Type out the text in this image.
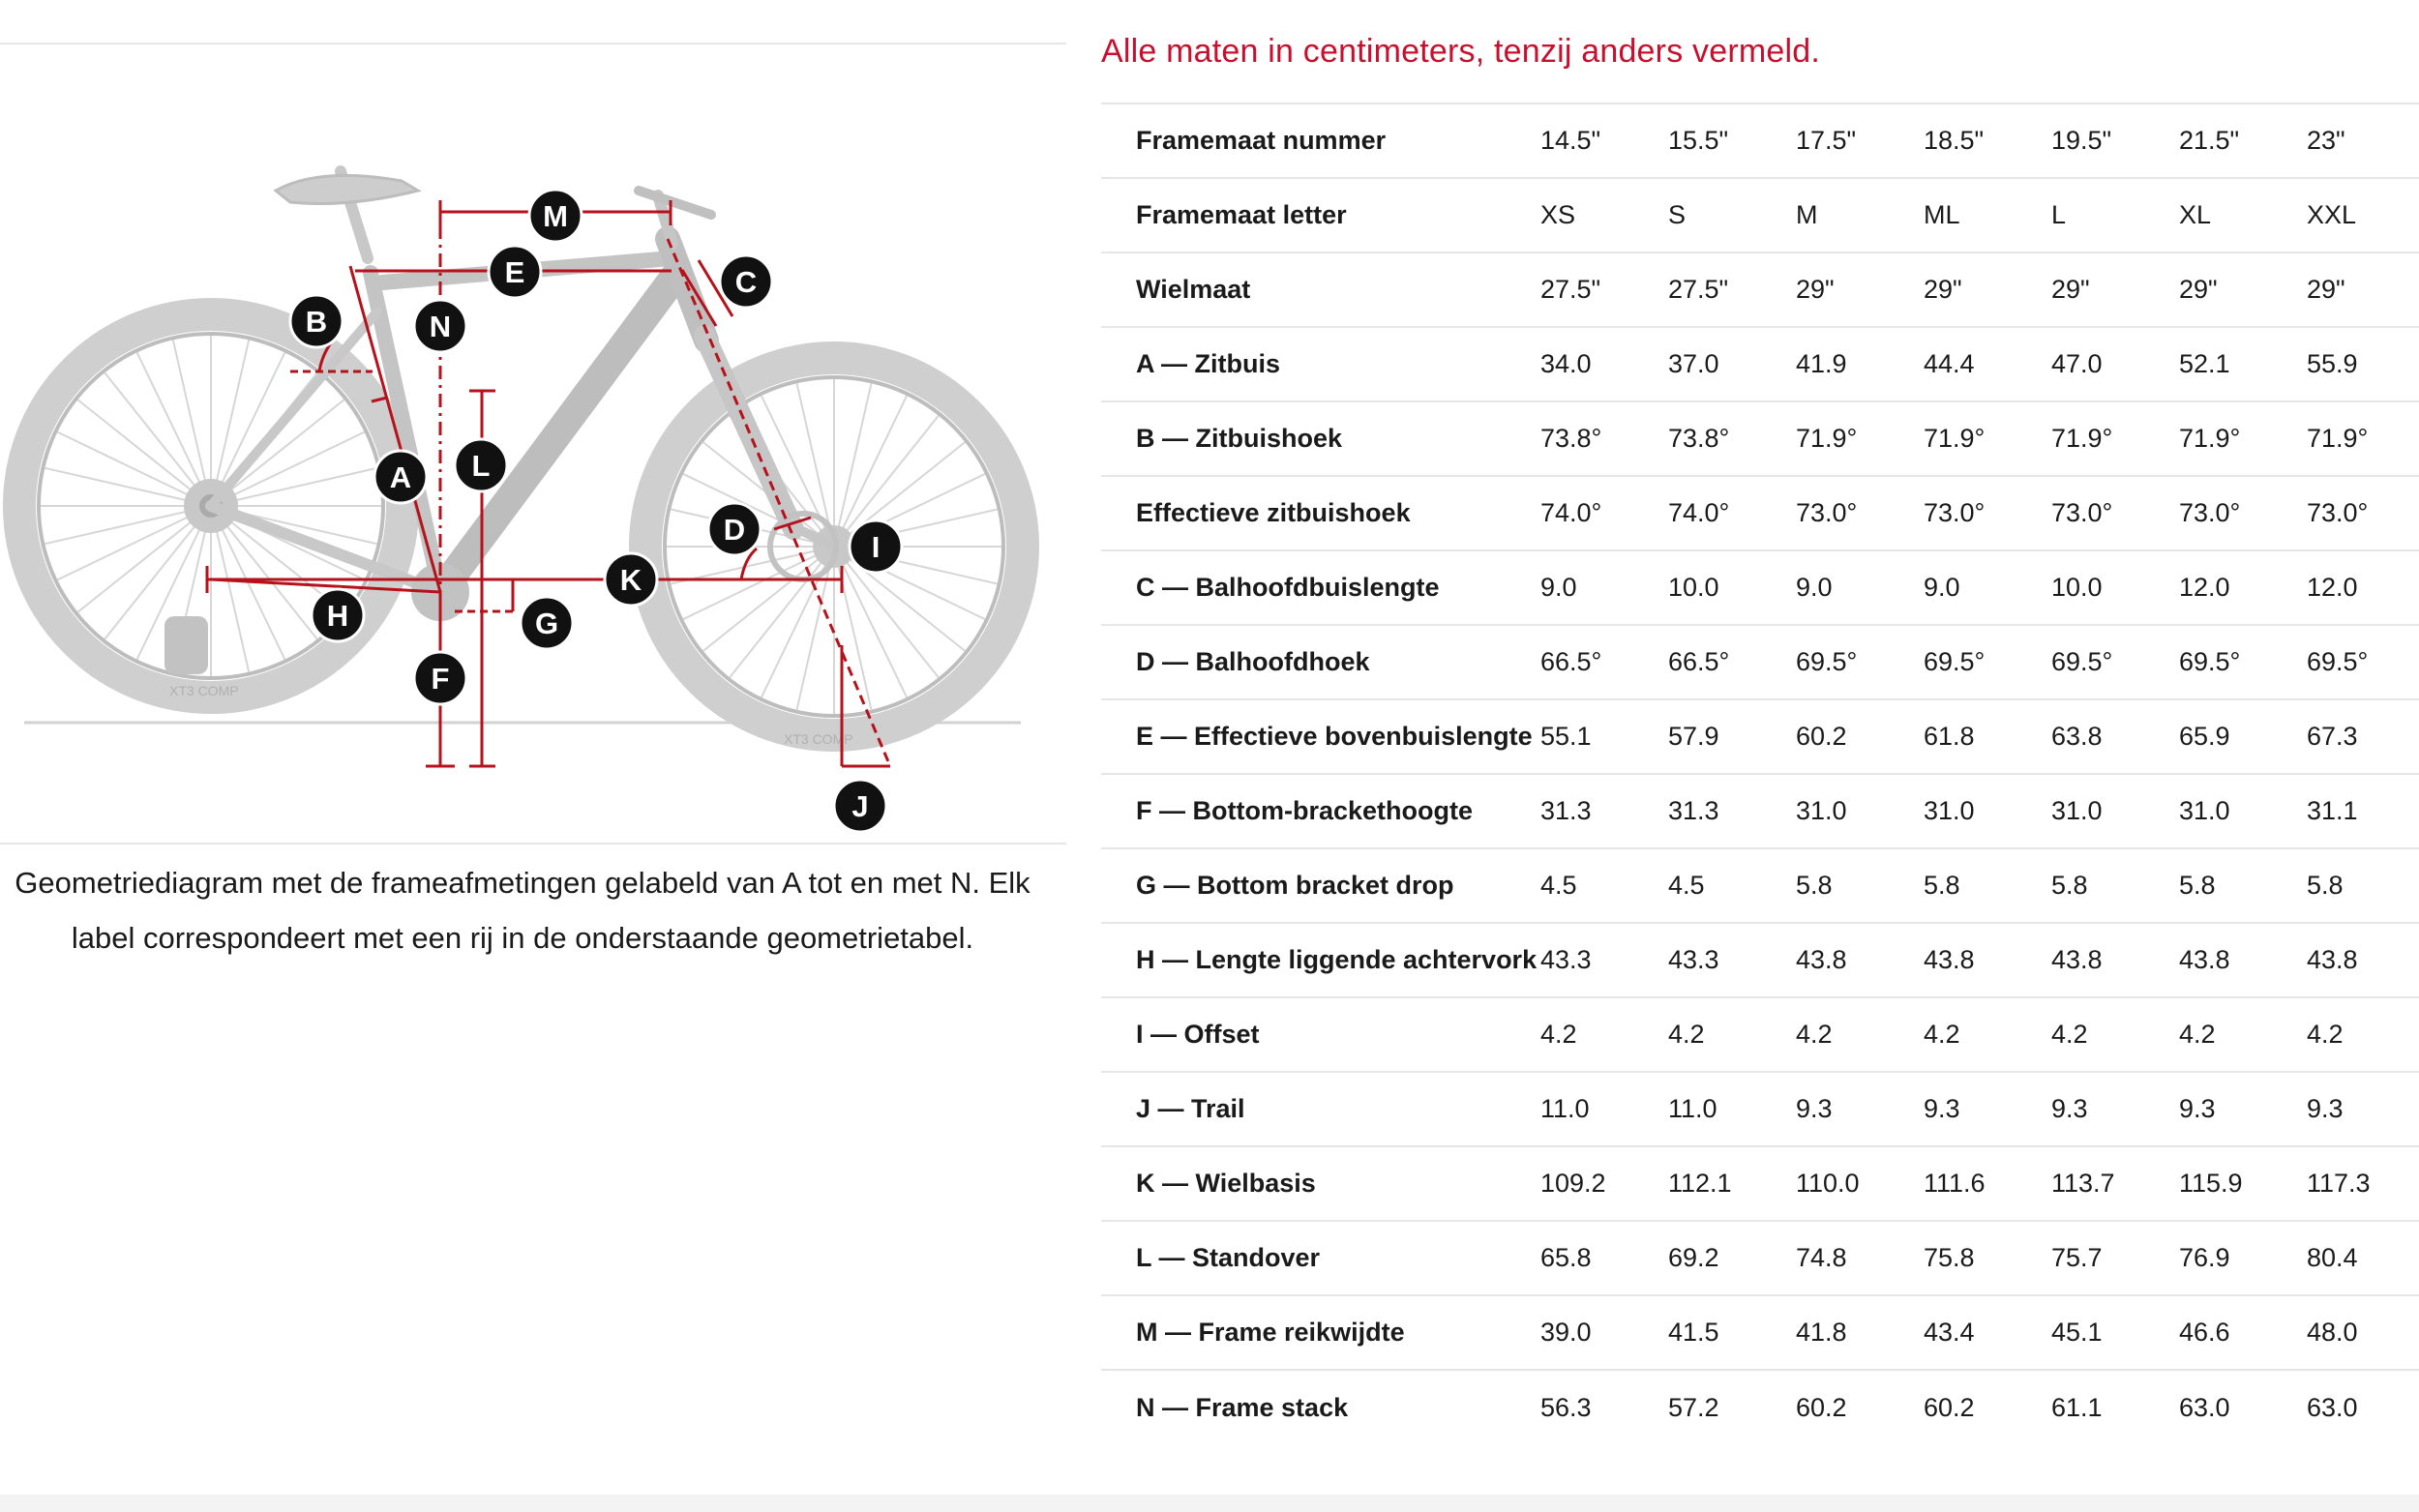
XT3 COMP
XT3 COMP
M
E	C
B	N
A L
D
I
K
H	G
F
J
Geometriediagram met de frameafmetingen gelabeld van A tot en met N. Elk
label correspondeert met een rij in de onderstaande geometrietabel.
Alle maten in centimeters, tenzij anders vermeld.
Framemaat nummer	14.5"	15.5"	17.5"	18.5"	19.5"	21.5"	23"
Framemaat letter	XS	S	M	ML	L	XL	XXL
Wielmaat	27.5"	27.5"	29"	29"	29"	29"	29"
A — Zitbuis	34.0	37.0	41.9	44.4	47.0	52.1	55.9
B — Zitbuishoek	73.8°	73.8°	71.9°	71.9°	71.9°	71.9°	71.9°
Effectieve zitbuishoek	74.0°	74.0°	73.0°	73.0°	73.0°	73.0°	73.0°
C — Balhoofdbuislengte	9.0	10.0	9.0	9.0	10.0	12.0	12.0
D — Balhoofdhoek	66.5°	66.5°	69.5°	69.5°	69.5°	69.5°	69.5°
E — Effectieve bovenbuislengte	55.1	57.9	60.2	61.8	63.8	65.9	67.3
F — Bottom-brackethoogte	31.3	31.3	31.0	31.0	31.0	31.0	31.1
G — Bottom bracket drop	4.5	4.5	5.8	5.8	5.8	5.8	5.8
H — Lengte liggende achtervork	43.3	43.3	43.8	43.8	43.8	43.8	43.8
I — Offset	4.2	4.2	4.2	4.2	4.2	4.2	4.2
J — Trail	11.0	11.0	9.3	9.3	9.3	9.3	9.3
K — Wielbasis	109.2	112.1	110.0	111.6	113.7	115.9	117.3
L — Standover	65.8	69.2	74.8	75.8	75.7	76.9	80.4
M — Frame reikwijdte	39.0	41.5	41.8	43.4	45.1	46.6	48.0
N — Frame stack	56.3	57.2	60.2	60.2	61.1	63.0	63.0
